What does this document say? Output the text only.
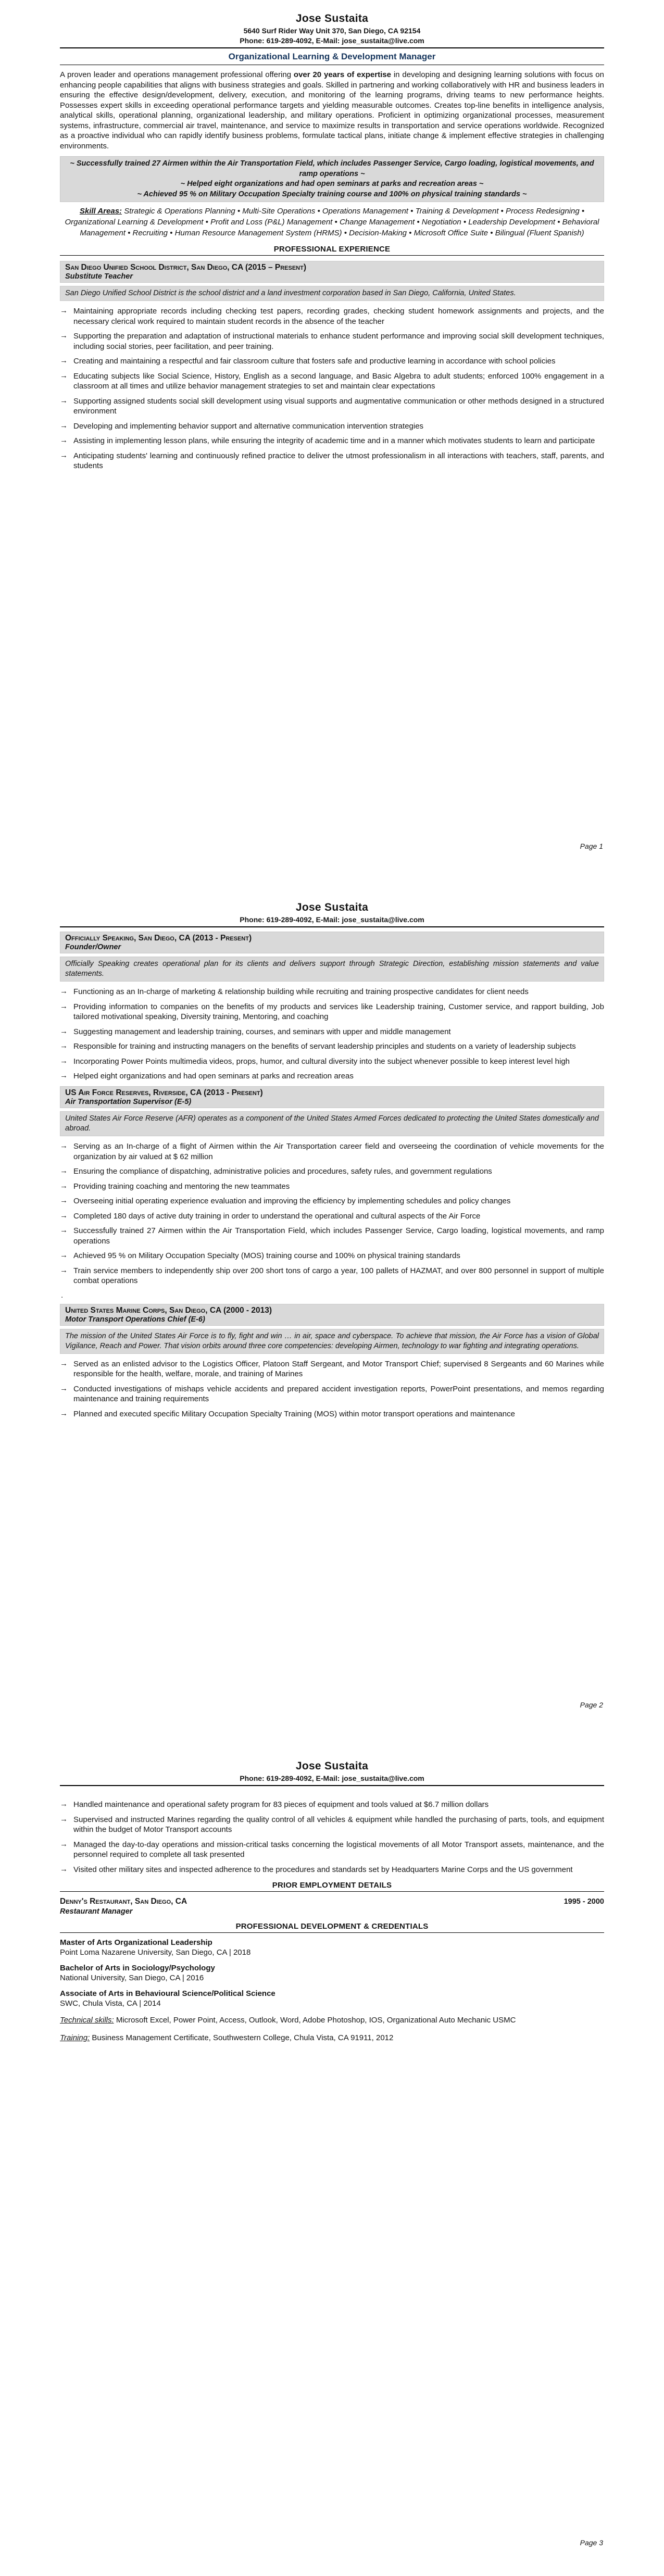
Jose Sustaita
5640 Surf Rider Way Unit 370, San Diego, CA 92154
Phone: 619-289-4092, E-Mail: jose_sustaita@live.com
Organizational Learning & Development Manager

A proven leader and operations management professional offering over 20 years of expertise in developing and designing learning solutions with focus on enhancing people capabilities that aligns with business strategies and goals. Skilled in partnering and working collaboratively with HR and business leaders in ensuring the effective design/development, delivery, execution, and monitoring of the learning programs, driving teams to new performance heights. Possesses expert skills in exceeding operational performance targets and yielding measurable outcomes. Creates top-line benefits in intelligence analysis, analytical skills, operational planning, organizational leadership, and military operations. Proficient in optimizing organizational processes, measurement systems, infrastructure, commercial air travel, maintenance, and service to maximize results in transportation and service operations worldwide. Recognized as a proactive individual who can rapidly identify business problems, formulate tactical plans, initiate change & implement effective strategies in challenging environments.

~ Successfully trained 27 Airmen within the Air Transportation Field, which includes Passenger Service, Cargo loading, logistical movements, and ramp operations ~
~ Helped eight organizations and had open seminars at parks and recreation areas ~
~ Achieved 95 % on Military Occupation Specialty training course and 100% on physical training standards ~

Skill Areas: Strategic & Operations Planning • Multi-Site Operations • Operations Management • Training & Development • Process Redesigning • Organizational Learning & Development • Profit and Loss (P&L) Management • Change Management • Negotiation • Leadership Development • Behavioral Management • Recruiting • Human Resource Management System (HRMS) • Decision-Making • Microsoft Office Suite • Bilingual (Fluent Spanish)

PROFESSIONAL EXPERIENCE
San Diego Unified School District, San Diego, CA (2015 – Present)
Substitute Teacher
San Diego Unified School District is the school district and a land investment corporation based in San Diego, California, United States.
→ Maintaining appropriate records including checking test papers, recording grades, checking student homework assignments and projects, and the necessary clerical work required to maintain student records in the absence of the teacher
→ Supporting the preparation and adaptation of instructional materials to enhance student performance and improving social skill development techniques, including social stories, peer facilitation, and peer training.
→ Creating and maintaining a respectful and fair classroom culture that fosters safe and productive learning in accordance with school policies
→ Educating subjects like Social Science, History, English as a second language, and Basic Algebra to adult students; enforced 100% engagement in a classroom at all times and utilize behavior management strategies to set and maintain clear expectations
→ Supporting assigned students social skill development using visual supports and augmentative communication or other methods designed in a structured environment
→ Developing and implementing behavior support and alternative communication intervention strategies
→ Assisting in implementing lesson plans, while ensuring the integrity of academic time and in a manner which motivates students to learn and participate
→ Anticipating students' learning and continuously refined practice to deliver the utmost professionalism in all interactions with teachers, staff, parents, and students
Page 1
Jose Sustaita
Phone: 619-289-4092, E-Mail: jose_sustaita@live.com
Officially Speaking, San Diego, CA (2013 - Present)
Founder/Owner
Officially Speaking creates operational plan for its clients and delivers support through Strategic Direction, establishing mission statements and value statements.
→ Functioning as an In-charge of marketing & relationship building while recruiting and training prospective candidates for client needs
→ Providing information to companies on the benefits of my products and services like Leadership training, Customer service, and rapport building, Job tailored motivational speaking, Diversity training, Mentoring, and coaching
→ Suggesting management and leadership training, courses, and seminars with upper and middle management
→ Responsible for training and instructing managers on the benefits of servant leadership principles and students on a variety of leadership subjects
→ Incorporating Power Points multimedia videos, props, humor, and cultural diversity into the subject whenever possible to keep interest level high
→ Helped eight organizations and had open seminars at parks and recreation areas
US Air Force Reserves, Riverside, CA (2013 - Present)
Air Transportation Supervisor (E-5)
United States Air Force Reserve (AFR) operates as a component of the United States Armed Forces dedicated to protecting the United States domestically and abroad.
→ Serving as an In-charge of a flight of Airmen within the Air Transportation career field and overseeing the coordination of vehicle movements for the organization by air valued at $ 62 million
→ Ensuring the compliance of dispatching, administrative policies and procedures, safety rules, and government regulations
→ Providing training coaching and mentoring the new teammates
→ Overseeing initial operating experience evaluation and improving the efficiency by implementing schedules and policy changes
→ Completed 180 days of active duty training in order to understand the operational and cultural aspects of the Air Force
→ Successfully trained 27 Airmen within the Air Transportation Field, which includes Passenger Service, Cargo loading, logistical movements, and ramp operations
→ Achieved 95 % on Military Occupation Specialty (MOS) training course and 100% on physical training standards
→ Train service members to independently ship over 200 short tons of cargo a year, 100 pallets of HAZMAT, and over 800 personnel in support of multiple combat operations
.
United States Marine Corps, San Diego, CA (2000 - 2013)
Motor Transport Operations Chief (E-6)
The mission of the United States Air Force is to fly, fight and win … in air, space and cyberspace. To achieve that mission, the Air Force has a vision of Global Vigilance, Reach and Power. That vision orbits around three core competencies: developing Airmen, technology to war fighting and integrating operations.
→ Served as an enlisted advisor to the Logistics Officer, Platoon Staff Sergeant, and Motor Transport Chief; supervised 8 Sergeants and 60 Marines while responsible for the health, welfare, morale, and training of Marines
→ Conducted investigations of mishaps vehicle accidents and prepared accident investigation reports, PowerPoint presentations, and memos regarding maintenance and training requirements
→ Planned and executed specific Military Occupation Specialty Training (MOS) within motor transport operations and maintenance
Page 2
Jose Sustaita
Phone: 619-289-4092, E-Mail: jose_sustaita@live.com
→ Handled maintenance and operational safety program for 83 pieces of equipment and tools valued at $6.7 million dollars
→ Supervised and instructed Marines regarding the quality control of all vehicles & equipment while handled the purchasing of parts, tools, and equipment within the budget of Motor Transport accounts
→ Managed the day-to-day operations and mission-critical tasks concerning the logistical movements of all Motor Transport assets, maintenance, and the personnel required to complete all task presented
→ Visited other military sites and inspected adherence to the procedures and standards set by Headquarters Marine Corps and the US government
PRIOR EMPLOYMENT DETAILS
Denny's Restaurant, San Diego, CA	1995 - 2000
Restaurant Manager
PROFESSIONAL DEVELOPMENT & CREDENTIALS
Master of Arts Organizational Leadership
Point Loma Nazarene University, San Diego, CA | 2018
Bachelor of Arts in Sociology/Psychology
National University, San Diego, CA | 2016
Associate of Arts in Behavioural Science/Political Science
SWC, Chula Vista, CA | 2014

Technical skills: Microsoft Excel, Power Point, Access, Outlook, Word, Adobe Photoshop, IOS, Organizational Auto Mechanic USMC

Training: Business Management Certificate, Southwestern College, Chula Vista, CA 91911, 2012

Page 3
